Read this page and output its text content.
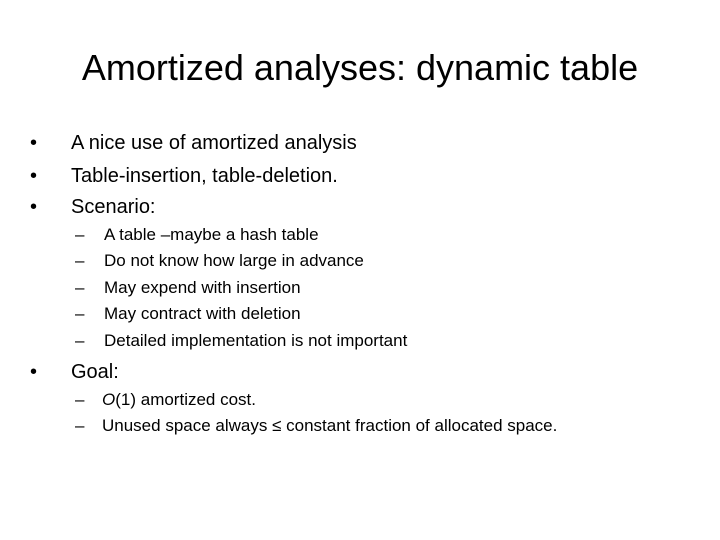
Amortized analyses: dynamic table
•	A nice use of amortized analysis
•	Table-insertion, table-deletion.
•	Scenario:
–	A table –maybe a hash table
–	Do not know how large in advance
–	May expend with insertion
–	May contract with deletion
–	Detailed implementation is not important
•	Goal:
–	O(1) amortized cost.
–	Unused space always ≤ constant fraction of allocated space.
